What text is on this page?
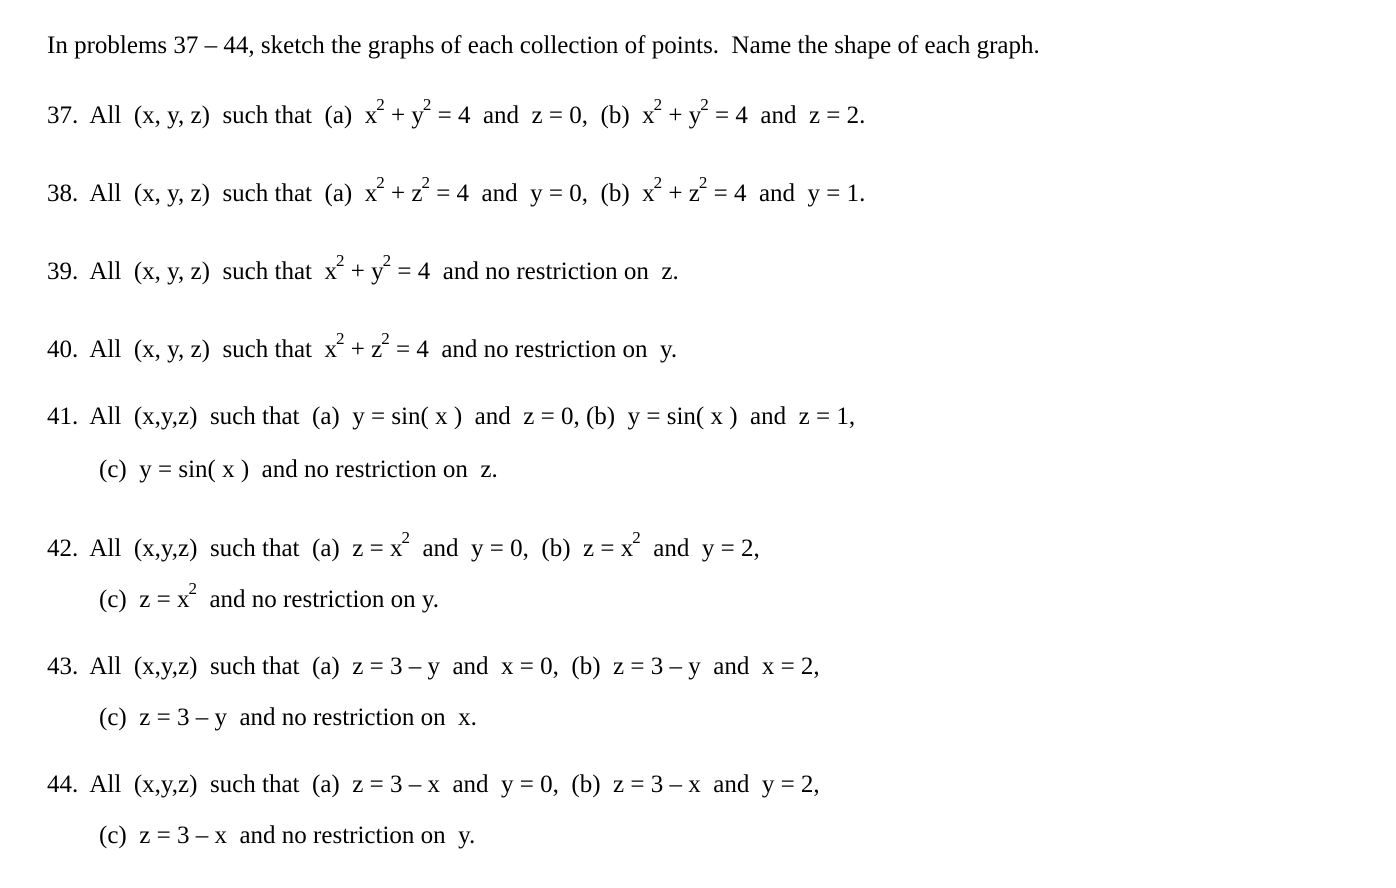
In problems 37 – 44, sketch the graphs of each collection of points.  Name the shape of each graph.
37.  All  (x, y, z)  such that  (a)  $x^2 + y^2 = 4$  and  z = 0,  (b)  $x^2 + y^2 = 4$  and  z = 2.
38.  All  (x, y, z)  such that  (a)  $x^2 + z^2 = 4$  and  y = 0,  (b)  $x^2 + z^2 = 4$  and  y = 1.
39.  All  (x, y, z)  such that  $x^2 + y^2 = 4$  and no restriction on  z.
40.  All  (x, y, z)  such that  $x^2 + z^2 = 4$  and no restriction on  y.
41.  All  (x,y,z)  such that  (a)  y = sin( x )  and  z = 0, (b)  y = sin( x )  and  z = 1,
(c)  y = sin( x )  and no restriction on  z.
42.  All  (x,y,z)  such that  (a)  $z = x^2$  and  y = 0,  (b)  $z = x^2$  and  y = 2,
(c)  $z = x^2$  and no restriction on y.
43.  All  (x,y,z)  such that  (a)  z = 3 – y  and  x = 0,  (b)  z = 3 – y  and  x = 2,
(c)  z = 3 – y  and no restriction on  x.
44.  All  (x,y,z)  such that  (a)  z = 3 – x  and  y = 0,  (b)  z = 3 – x  and  y = 2,
(c)  z = 3 – x  and no restriction on  y.
